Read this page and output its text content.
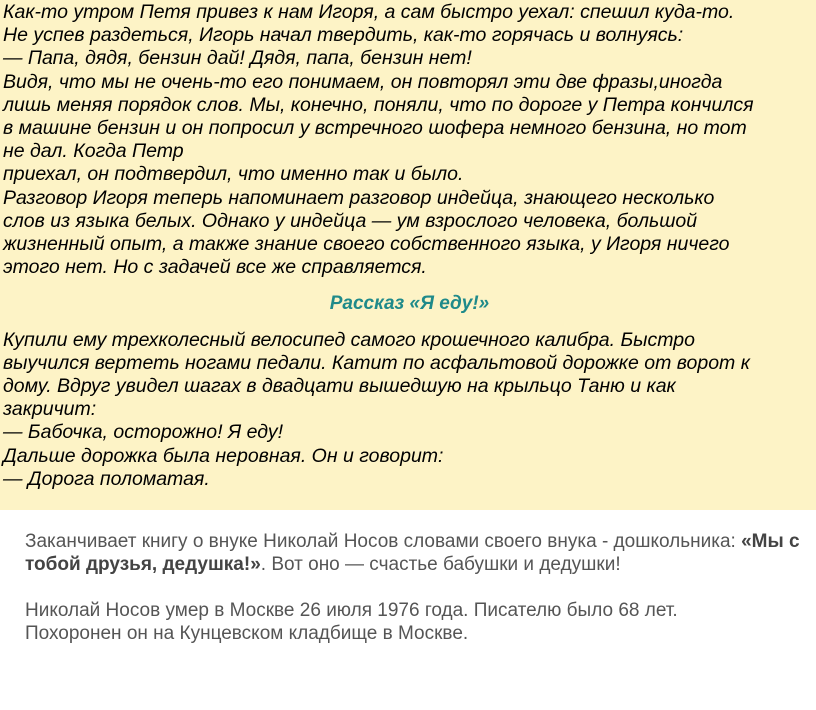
Как-то утром Петя привез к нам Игоря, а сам быстро уехал: спешил куда-то.
Не успев раздеться, Игорь начал твердить, как-то горячась и волнуясь:
— Папа, дядя, бензин дай! Дядя, папа, бензин нет!
Видя, что мы не очень-то его понимаем, он повторял эти две фразы,иногда
лишь меняя порядок слов. Мы, конечно, поняли, что по дороге у Петра кончился
в машине бензин и он попросил у встречного шофера немного бензина, но тот
не дал. Когда Петр
приехал, он подтвердил, что именно так и было.
Разговор Игоря теперь напоминает разговор индейца, знающего несколько
слов из языка белых. Однако у индейца — ум взрослого человека, большой
жизненный опыт, а также знание своего собственного языка, у Игоря ничего
этого нет. Но с задачей все же справляется.
Рассказ «Я еду!»
Купили ему трехколесный велосипед самого крошечного калибра. Быстро
выучился вертеть ногами педали. Катит по асфальтовой дорожке от ворот к
дому. Вдруг увидел шагах в двадцати вышедшую на крыльцо Таню и как
закричит:
— Бабочка, осторожно! Я еду!
Дальше дорожка была неровная. Он и говорит:
— Дорога поломатая.

Заканчивает книгу о внуке Николай Носов словами своего внука - дошкольника: «Мы с тобой друзья, дедушка!». Вот оно — счастье бабушки и дедушки!

Николай Носов умер в Москве 26 июля 1976 года. Писателю было 68 лет.
Похоронен он на Кунцевском кладбище в Москве.
